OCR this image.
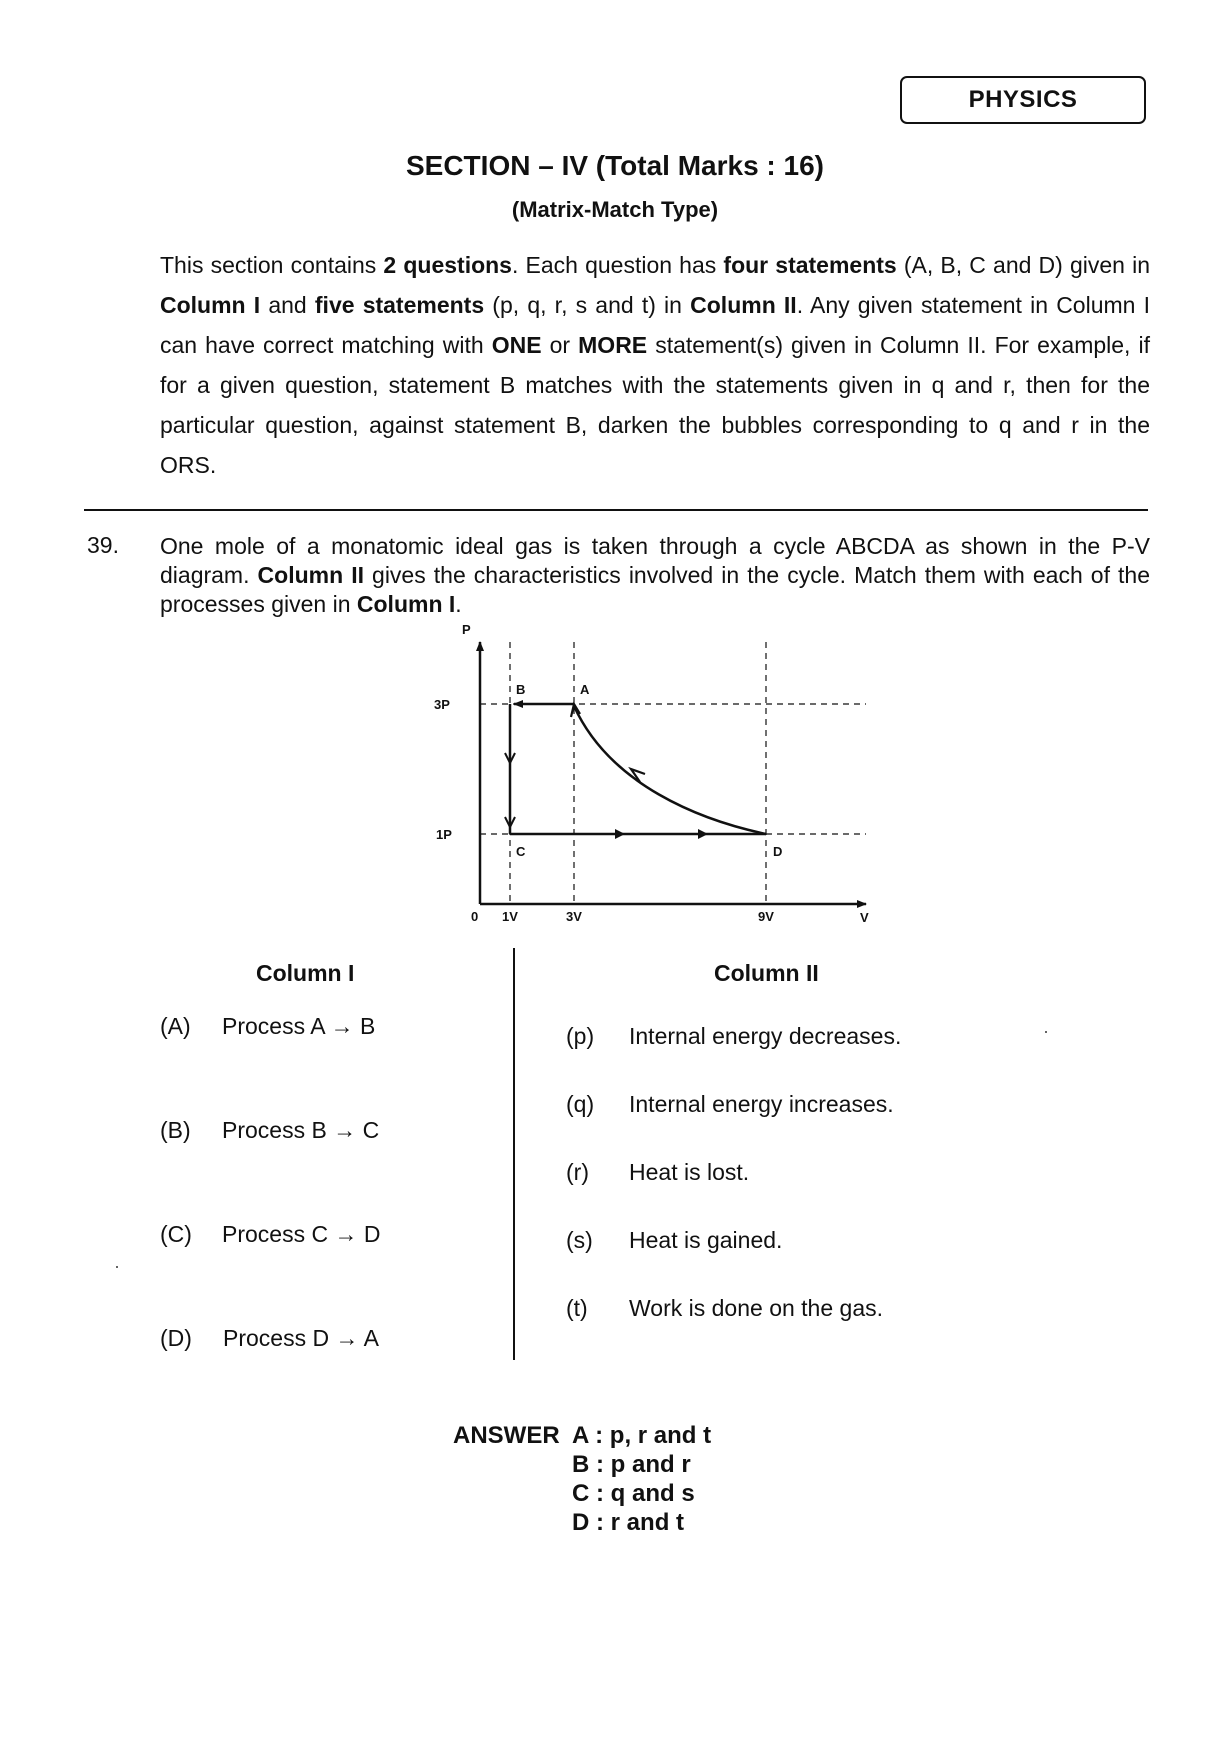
PHYSICS
SECTION – IV (Total Marks : 16)
(Matrix-Match Type)
This section contains 2 questions. Each question has four statements (A, B, C and D) given in Column I and five statements (p, q, r, s and t) in Column II. Any given statement in Column I can have correct matching with ONE or MORE statement(s) given in Column II. For example, if for a given question, statement B matches with the statements given in q and r, then for the particular question, against statement B, darken the bubbles corresponding to q and r in the ORS.
39. One mole of a monatomic ideal gas is taken through a cycle ABCDA as shown in the P-V diagram. Column II gives the characteristics involved in the cycle. Match them with each of the processes given in Column I.
P
V
0
3P
1P
1V	3V	9V
B	A
C	D
Column I	Column II
(A) Process A → B
(B) Process B → C
(C) Process C → D
(D) Process D → A
(p) Internal energy decreases.
(q) Internal energy increases.
(r) Heat is lost.
(s) Heat is gained.
(t) Work is done on the gas.
ANSWER A : p, r and t
B : p and r
C : q and s
D : r and t
